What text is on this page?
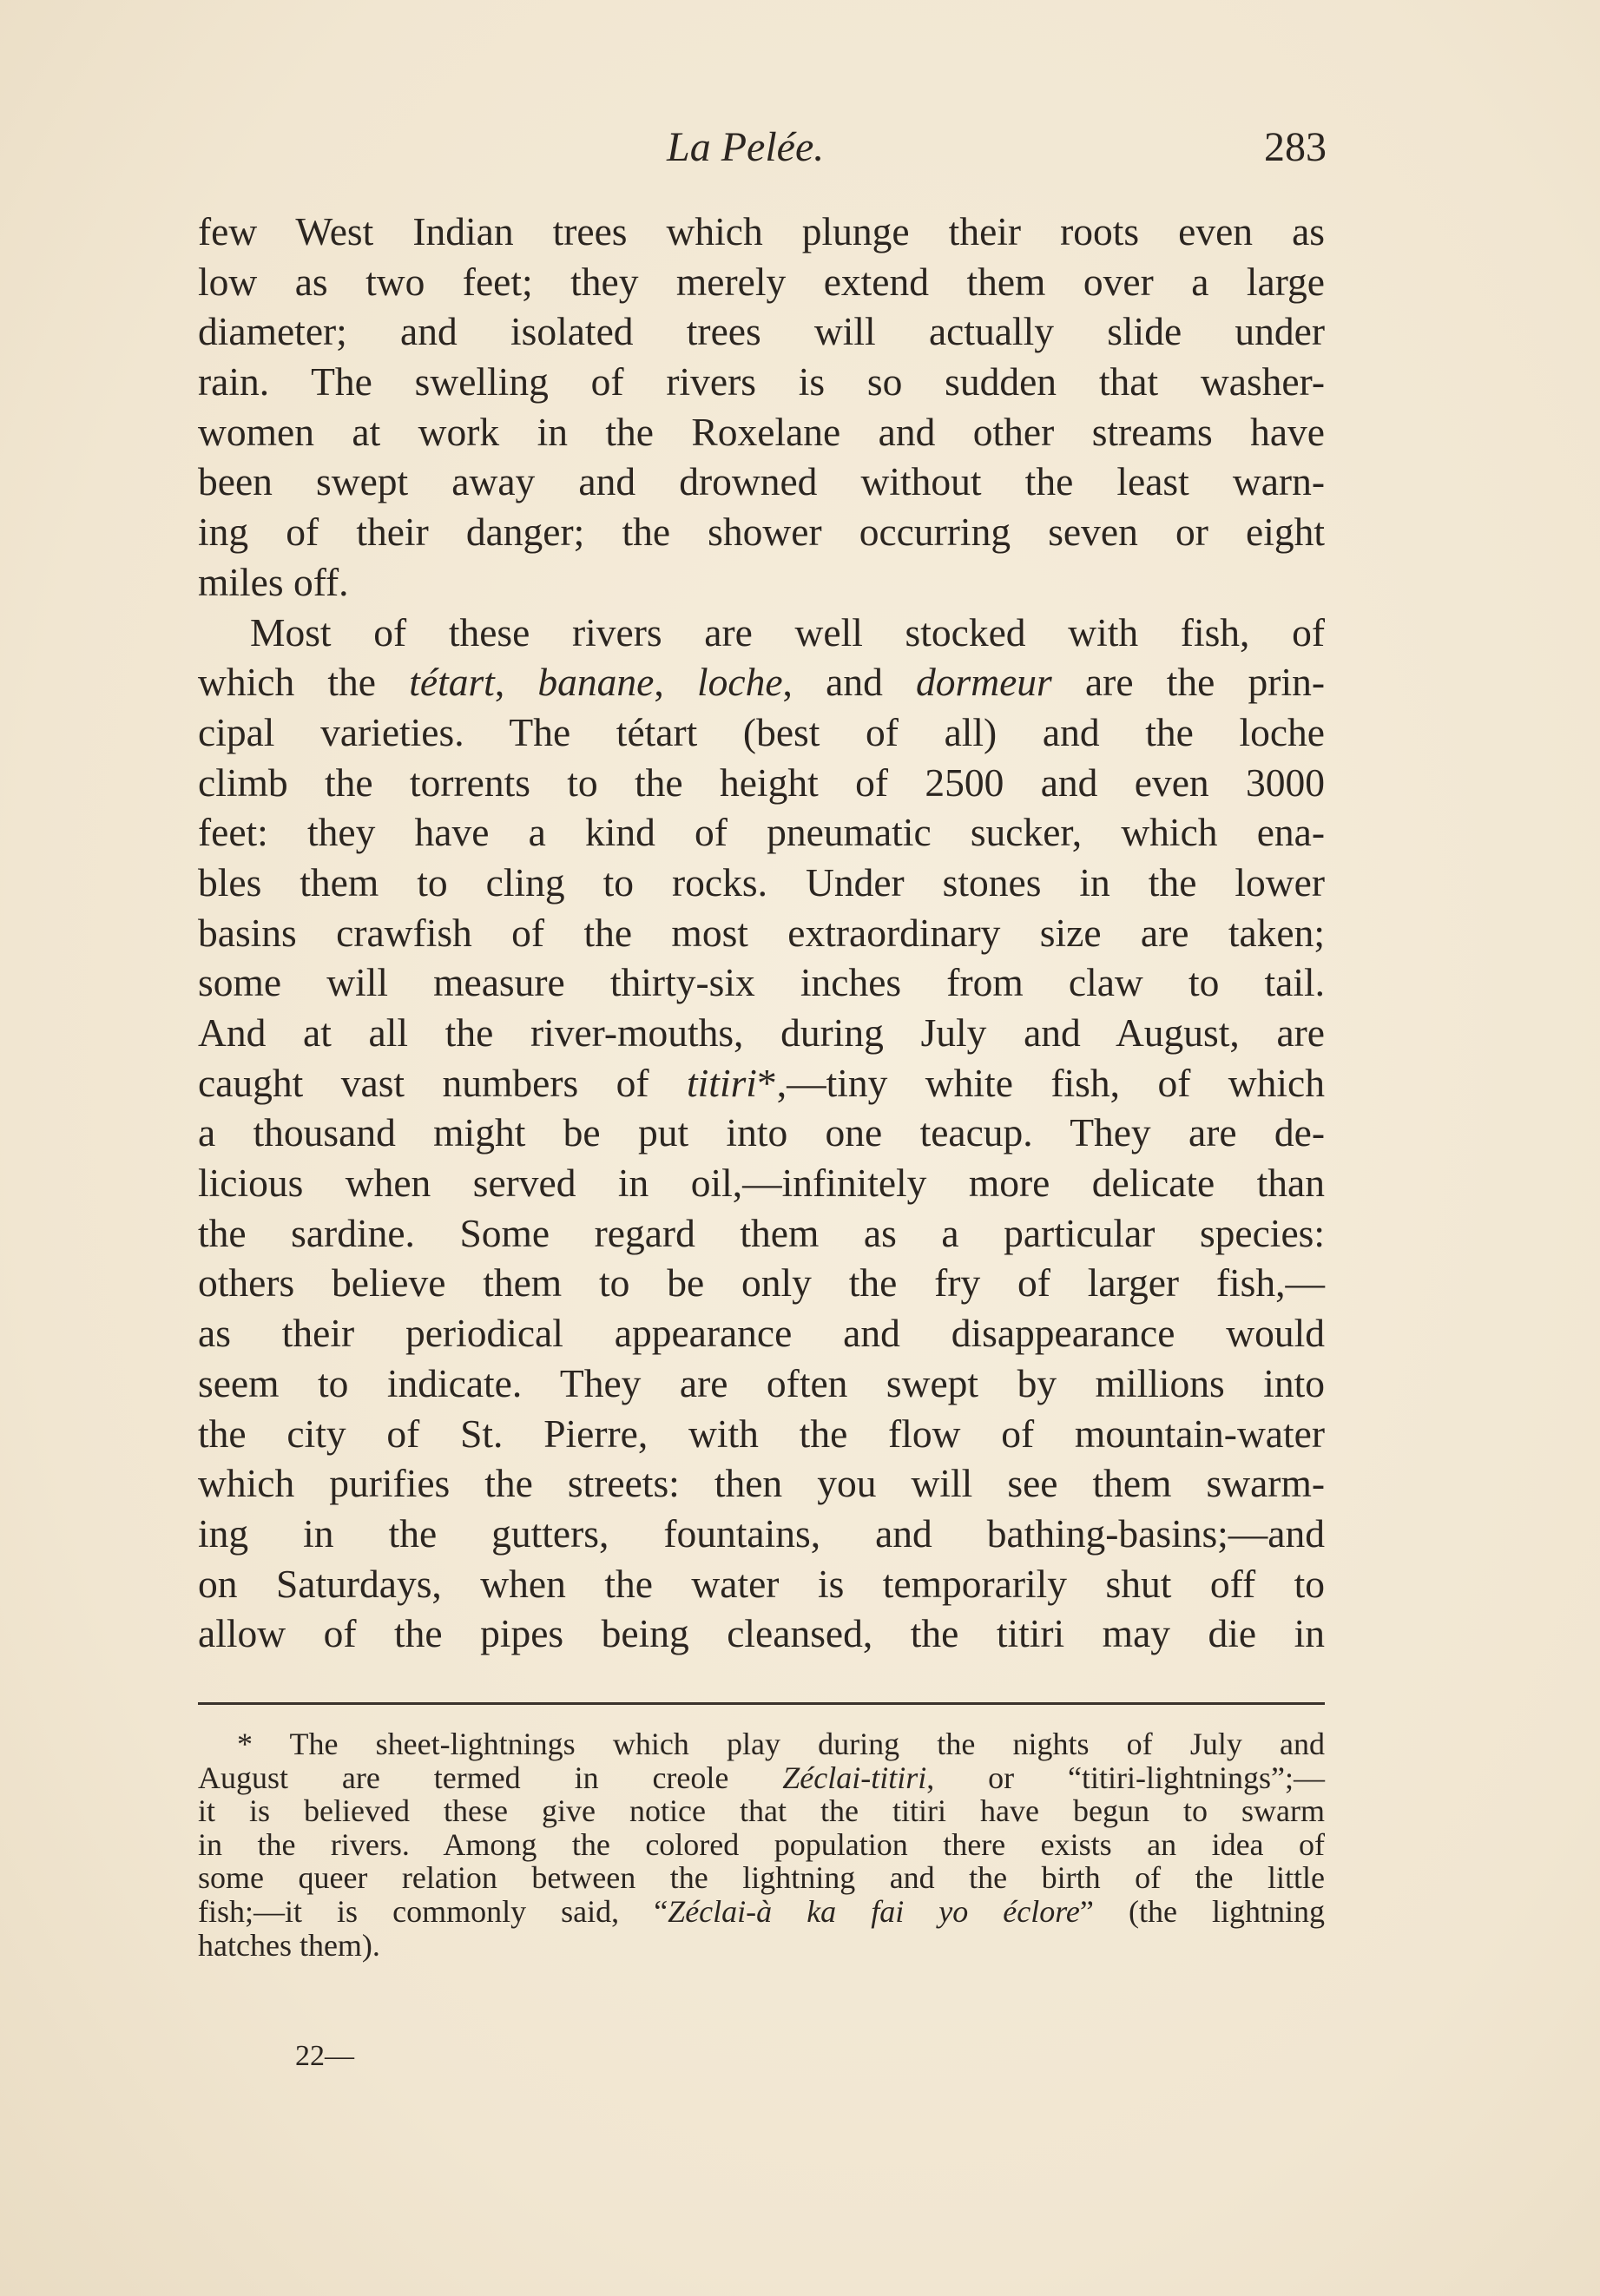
La Pelée.	283
few West Indian trees which plunge their roots even as
low as two feet; they merely extend them over a large
diameter; and isolated trees will actually slide under
rain. The swelling of rivers is so sudden that washer-
women at work in the Roxelane and other streams have
been swept away and drowned without the least warn-
ing of their danger; the shower occurring seven or eight
miles off.
Most of these rivers are well stocked with fish, of
which the tétart, banane, loche, and dormeur are the prin-
cipal varieties. The tétart (best of all) and the loche
climb the torrents to the height of 2500 and even 3000
feet: they have a kind of pneumatic sucker, which ena-
bles them to cling to rocks. Under stones in the lower
basins crawfish of the most extraordinary size are taken;
some will measure thirty-six inches from claw to tail.
And at all the river-mouths, during July and August, are
caught vast numbers of titiri*,—tiny white fish, of which
a thousand might be put into one teacup. They are de-
licious when served in oil,—infinitely more delicate than
the sardine. Some regard them as a particular species:
others believe them to be only the fry of larger fish,—
as their periodical appearance and disappearance would
seem to indicate. They are often swept by millions into
the city of St. Pierre, with the flow of mountain-water
which purifies the streets: then you will see them swarm-
ing in the gutters, fountains, and bathing-basins;—and
on Saturdays, when the water is temporarily shut off to
allow of the pipes being cleansed, the titiri may die in
* The sheet-lightnings which play during the nights of July and
August are termed in creole Zéclai-titiri, or “titiri-lightnings”;—
it is believed these give notice that the titiri have begun to swarm
in the rivers. Among the colored population there exists an idea of
some queer relation between the lightning and the birth of the little
fish;—it is commonly said, “Zéclai-à ka fai yo éclore” (the lightning
hatches them).
22—
